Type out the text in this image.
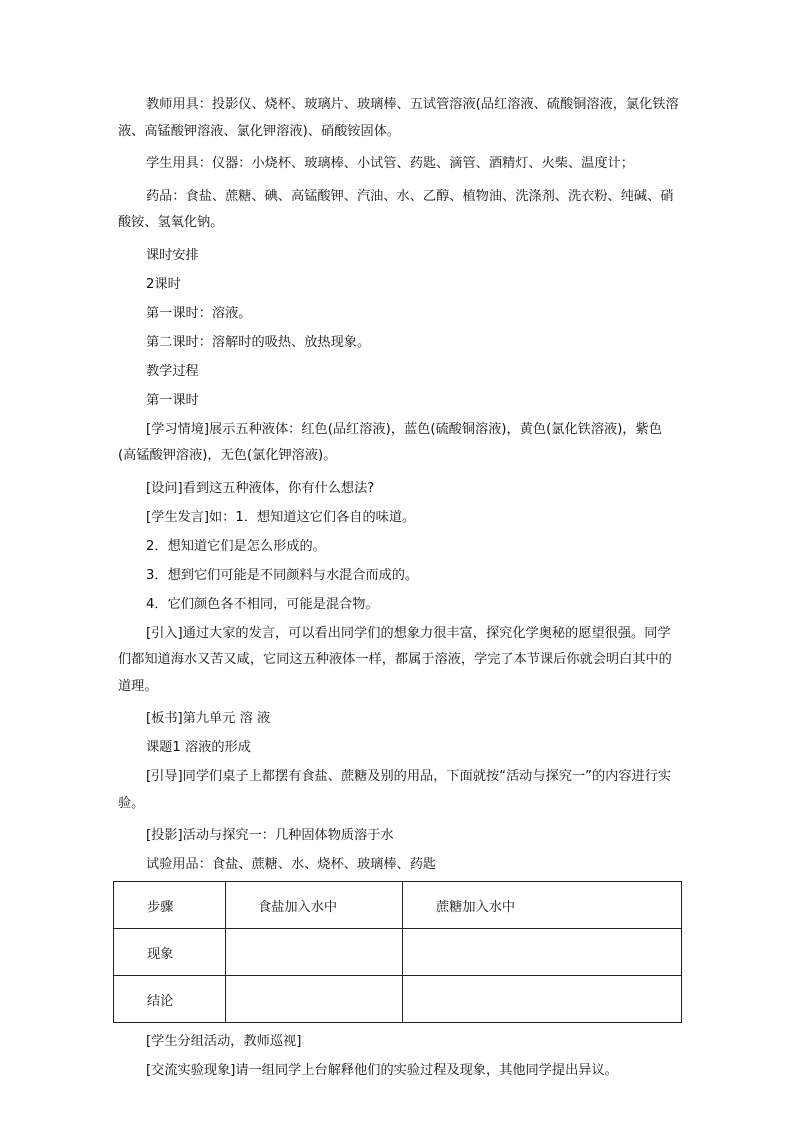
教师用具：投影仪、烧杯、玻璃片、玻璃棒、五试管溶液(品红溶液、硫酸铜溶液，氯化铁溶液、高锰酸钾溶液、氯化钾溶液)、硝酸铵固体。

学生用具：仪器：小烧杯、玻璃棒、小试管、药匙、滴管、酒精灯、火柴、温度计；

药品：食盐、蔗糖、碘、高锰酸钾、汽油、水、乙醇、植物油、洗涤剂、洗衣粉、纯碱、硝酸铵、氢氧化钠。

课时安排

2课时

第一课时：溶液。

第二课时：溶解时的吸热、放热现象。

教学过程

第一课时

[学习情境]展示五种液体：红色(品红溶液)，蓝色(硫酸铜溶液)，黄色(氯化铁溶液)，紫色(高锰酸钾溶液)，无色(氯化钾溶液)。

[设问]看到这五种液体，你有什么想法?

[学生发言]如：1．想知道这它们各自的味道。

2．想知道它们是怎么形成的。

3．想到它们可能是不同颜料与水混合而成的。

4．它们颜色各不相同，可能是混合物。

[引入]通过大家的发言，可以看出同学们的想象力很丰富，探究化学奥秘的愿望很强。同学们都知道海水又苦又咸，它同这五种液体一样，都属于溶液，学完了本节课后你就会明白其中的道理。

[板书]第九单元 溶 液

课题1 溶液的形成

[引导]同学们桌子上都摆有食盐、蔗糖及别的用品，下面就按“活动与探究一”的内容进行实验。

[投影]活动与探究一：几种固体物质溶于水

试验用品：食盐、蔗糖、水、烧杯、玻璃棒、药匙

步骤	食盐加入水中	蔗糖加入水中
现象		
结论		

[学生分组活动，教师巡视]

[交流实验现象]请一组同学上台解释他们的实验过程及现象，其他同学提出异议。
